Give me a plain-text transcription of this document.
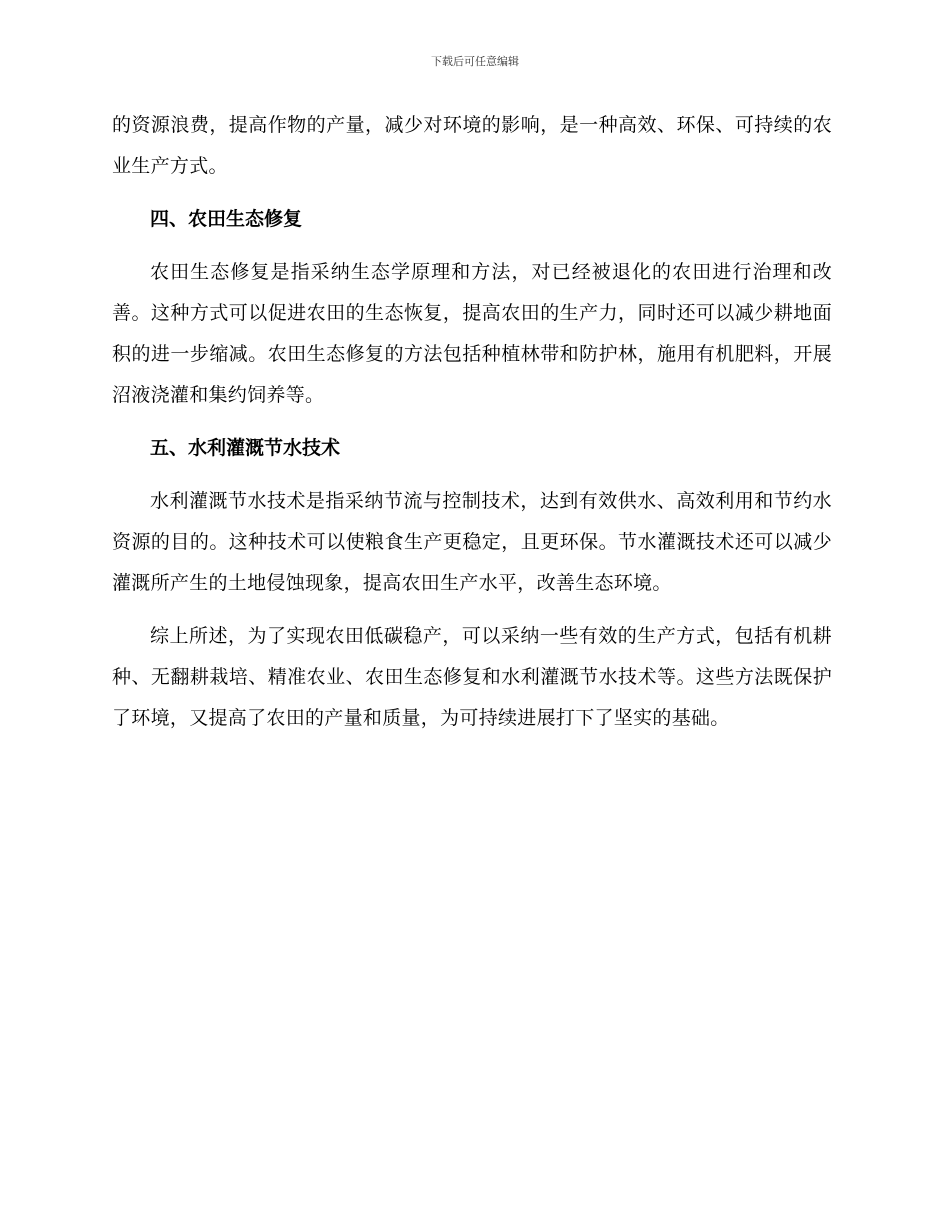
下载后可任意编辑

的资源浪费，提高作物的产量，减少对环境的影响，是一种高效、环保、可持续的农业生产方式。

四、农田生态修复

农田生态修复是指采纳生态学原理和方法，对已经被退化的农田进行治理和改善。这种方式可以促进农田的生态恢复，提高农田的生产力，同时还可以减少耕地面积的进一步缩减。农田生态修复的方法包括种植林带和防护林，施用有机肥料，开展沼液浇灌和集约饲养等。

五、水利灌溉节水技术

水利灌溉节水技术是指采纳节流与控制技术，达到有效供水、高效利用和节约水资源的目的。这种技术可以使粮食生产更稳定，且更环保。节水灌溉技术还可以减少灌溉所产生的土地侵蚀现象，提高农田生产水平，改善生态环境。

综上所述，为了实现农田低碳稳产，可以采纳一些有效的生产方式，包括有机耕种、无翻耕栽培、精准农业、农田生态修复和水利灌溉节水技术等。这些方法既保护了环境，又提高了农田的产量和质量，为可持续进展打下了坚实的基础。
